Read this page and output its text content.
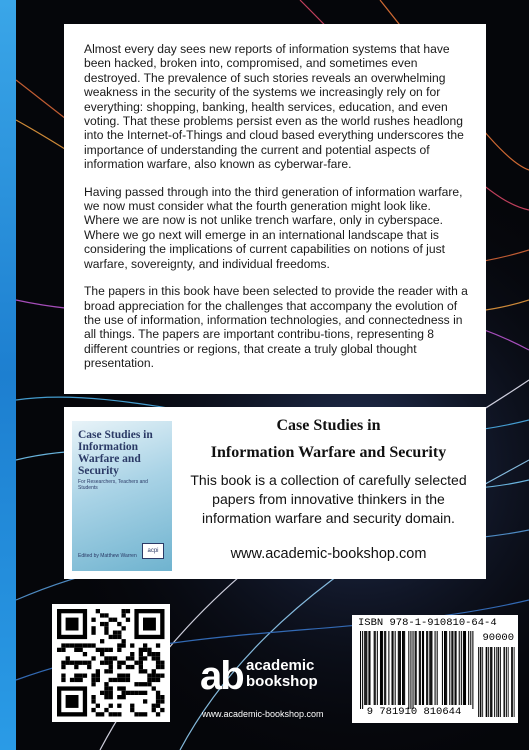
Almost every day sees new reports of information systems that have been hacked, broken into, compromised, and sometimes even destroyed. The prevalence of such stories reveals an overwhelming weakness in the security of the systems we increasingly rely on for everything: shopping, banking, health services, education, and even voting. That these problems persist even as the world rushes headlong into the Internet-of-Things and cloud based everything underscores the importance of understanding the current and potential aspects of information warfare, also known as cyberwar-fare.

Having passed through into the third generation of information warfare, we now must consider what the fourth generation might look like. Where we are now is not unlike trench warfare, only in cyberspace. Where we go next will emerge in an international landscape that is considering the implications of current capabilities on notions of just warfare, sovereignty, and individual freedoms.

The papers in this book have been selected to provide the reader with a broad appreciation for the challenges that accompany the evolution of the use of information, information technologies, and connectedness in all things. The papers are important contribu-tions, representing 8 different countries or regions, that create a truly global thought presentation.

Case Studies in Information Warfare and Security
For Researchers, Teachers and Students
Edited by Matthew Warren
acpi
Case Studies in
Information Warfare and Security
This book is a collection of carefully selected papers from innovative thinkers in the information warfare and security domain.
www.academic-bookshop.com
ab academic
bookshop
www.academic-bookshop.com
ISBN 978-1-910810-64-4
90000
9 781910 810644
